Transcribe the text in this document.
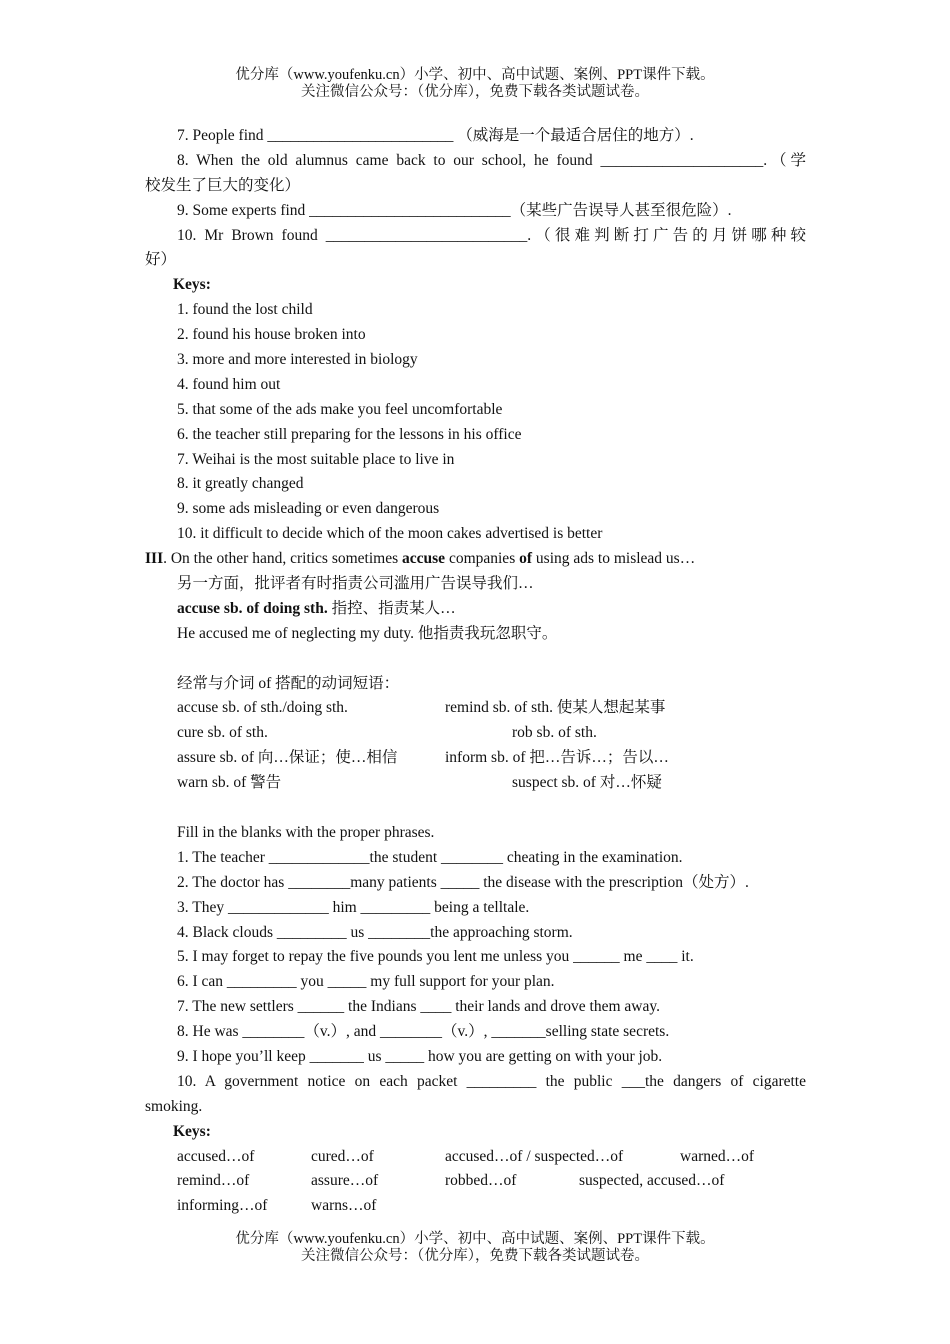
优分库（www.youfenku.cn）小学、初中、高中试题、案例、PPT课件下载。
关注微信公众号：（优分库），免费下载各类试题试卷。
7. People find ________________________ （威海是一个最适合居住的地方）.
8. When the old alumnus came back to our school, he found _____________________.（学
校发生了巨大的变化）
9. Some experts find __________________________（某些广告误导人甚至很危险）.
10. Mr Brown found __________________________.（很难判断打广告的月饼哪种较
好）
Keys:
1. found the lost child
2. found his house broken into
3. more and more interested in biology
4. found him out
5. that some of the ads make you feel uncomfortable
6. the teacher still preparing for the lessons in his office
7. Weihai is the most suitable place to live in
8. it greatly changed
9. some ads misleading or even dangerous
10. it difficult to decide which of the moon cakes advertised is better
III. On the other hand, critics sometimes accuse companies of using ads to mislead us…
另一方面，批评者有时指责公司滥用广告误导我们…
accuse sb. of doing sth. 指控、指责某人…
He accused me of neglecting my duty. 他指责我玩忽职守。
经常与介词 of 搭配的动词短语：
accuse sb. of sth./doing sth.	remind sb. of sth. 使某人想起某事
cure sb. of sth.	rob sb. of sth.
assure sb. of 向…保证；使…相信	inform sb. of 把…告诉…；告以…
warn sb. of 警告	suspect sb. of 对…怀疑
Fill in the blanks with the proper phrases.
1. The teacher _____________the student ________ cheating in the examination.
2. The doctor has ________many patients _____ the disease with the prescription（处方）.
3. They _____________ him _________ being a telltale.
4. Black clouds _________ us ________the approaching storm.
5. I may forget to repay the five pounds you lent me unless you ______ me ____ it.
6. I can _________ you _____ my full support for your plan.
7. The new settlers ______ the Indians ____ their lands and drove them away.
8. He was ________（v.）, and ________（v.）, _______selling state secrets.
9. I hope you’ll keep _______ us _____ how you are getting on with your job.
10. A government notice on each packet _________ the public ___the dangers of cigarette
smoking.
Keys:
accused…of	cured…of	accused…of / suspected…of	warned…of
remind…of	assure…of	robbed…of	suspected, accused…of
informing…of	warns…of
优分库（www.youfenku.cn）小学、初中、高中试题、案例、PPT课件下载。
关注微信公众号：（优分库），免费下载各类试题试卷。
